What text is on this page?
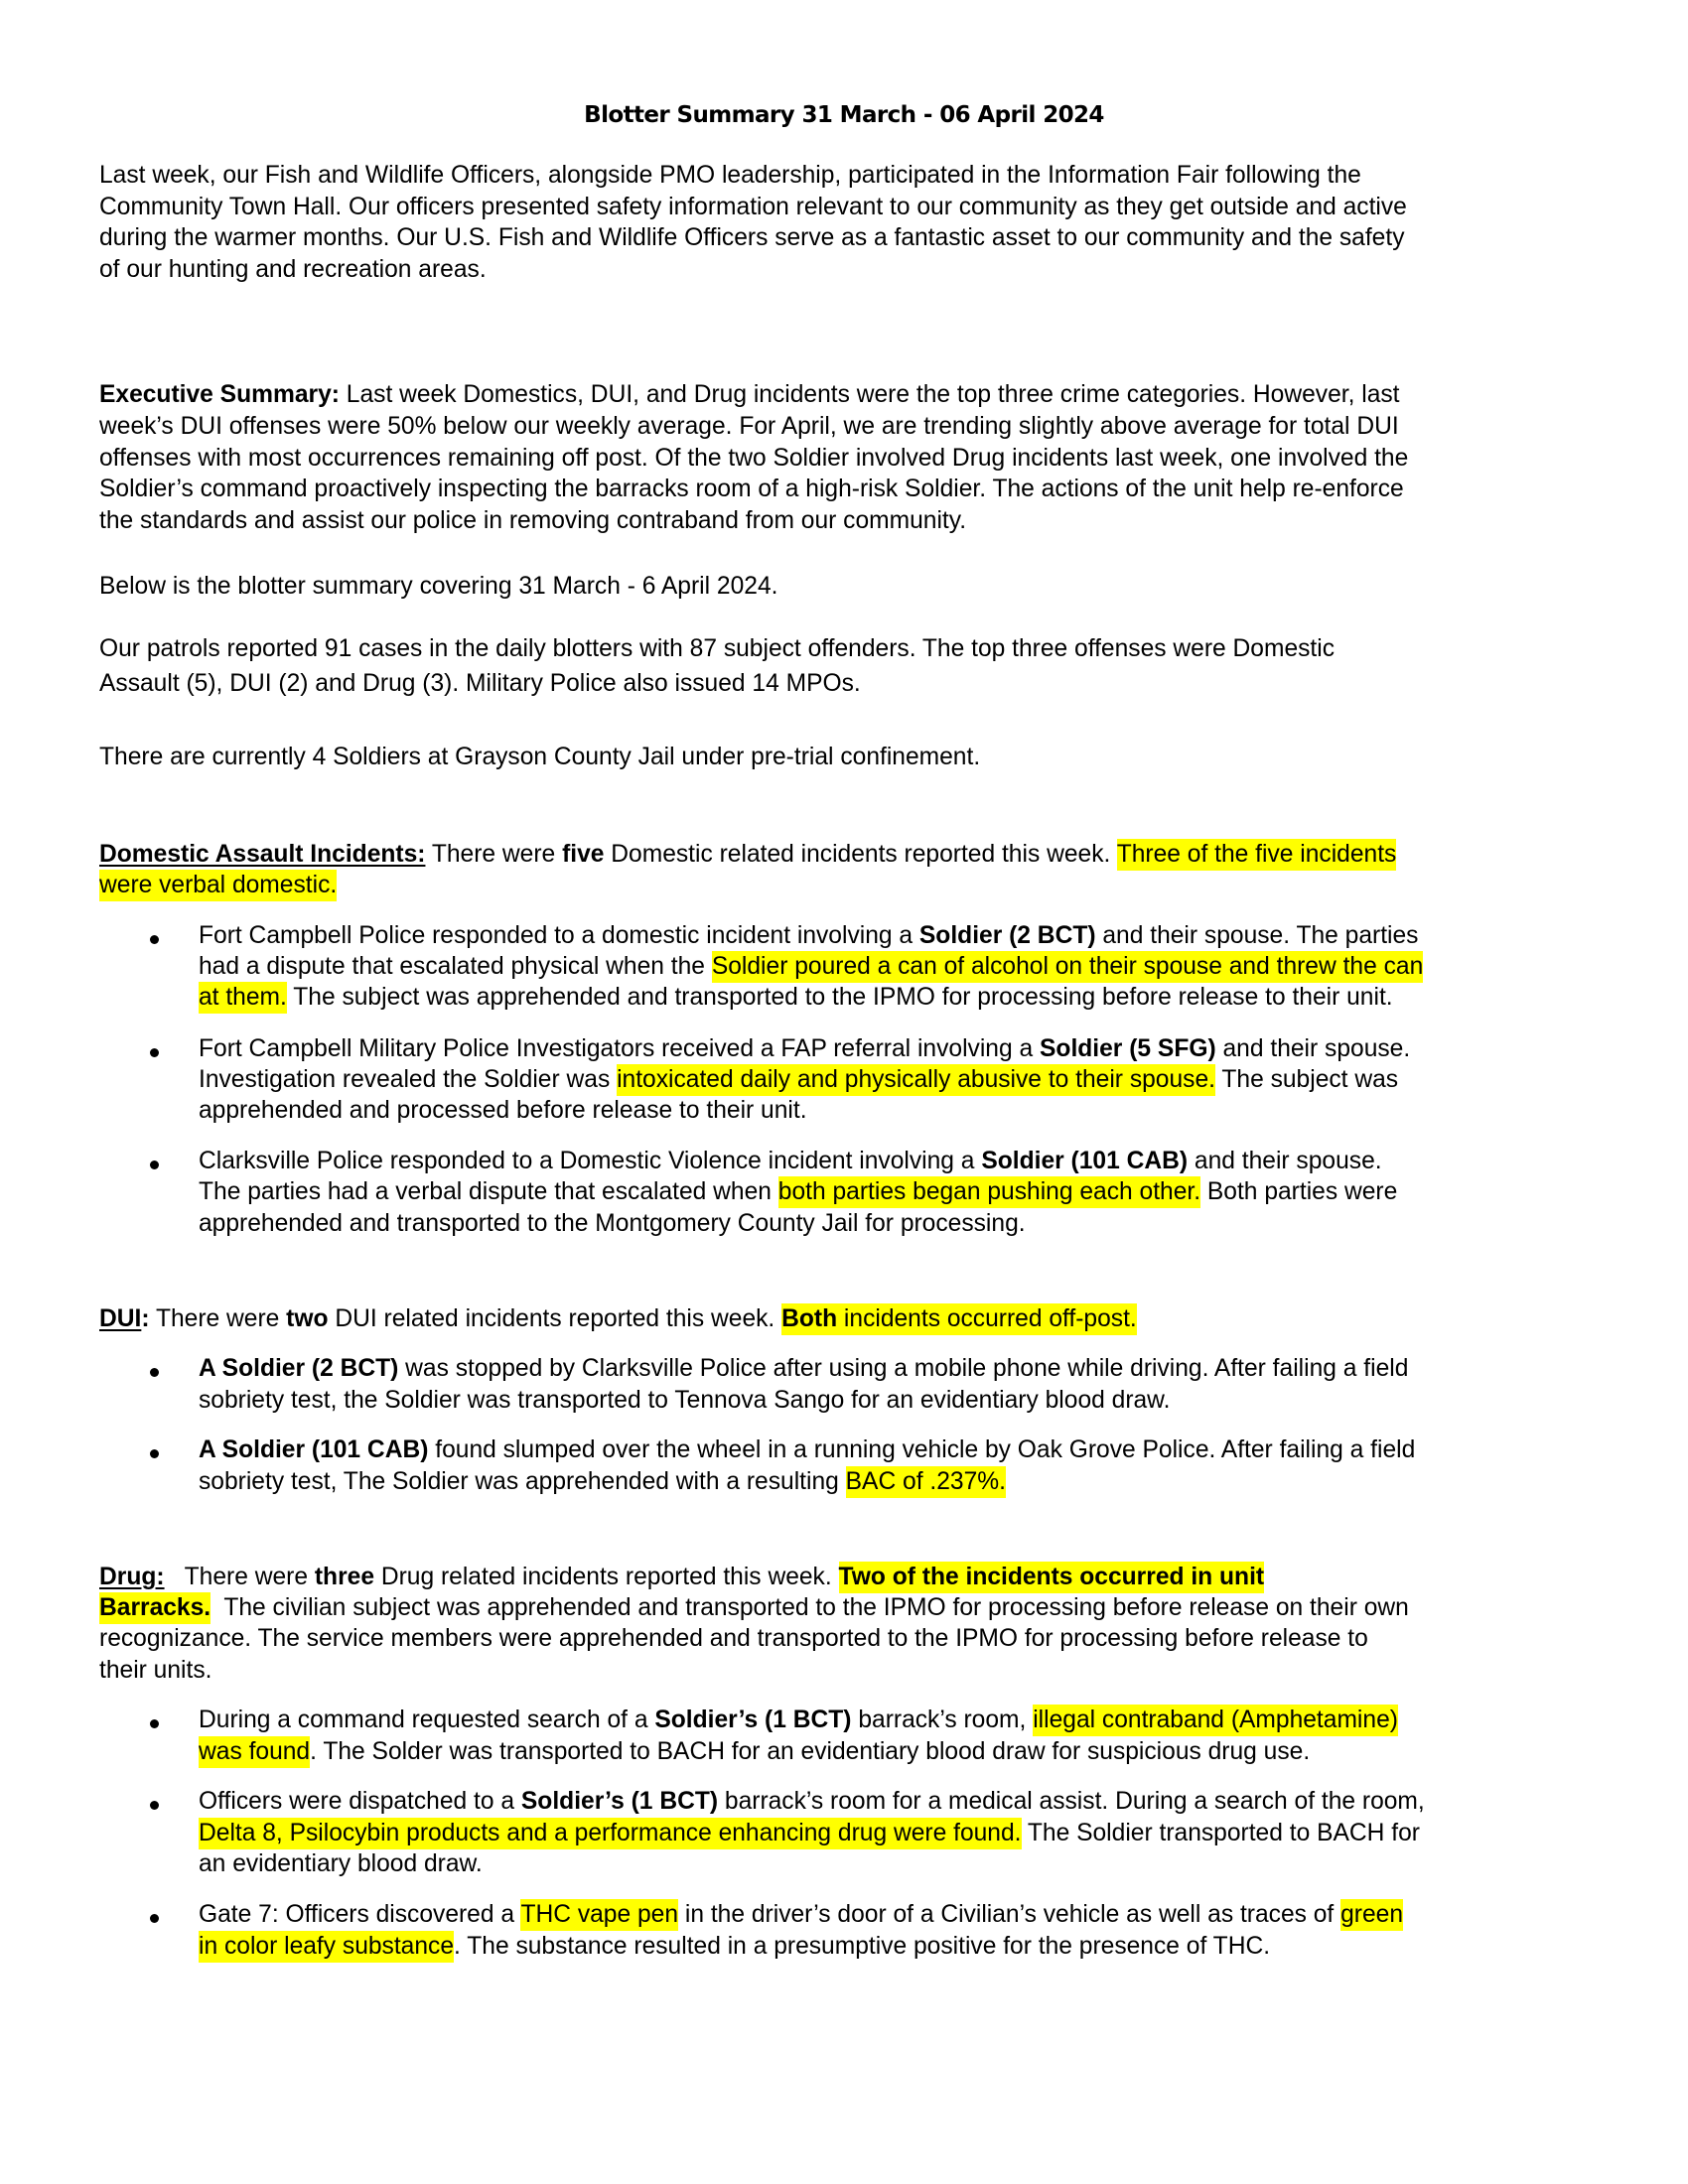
Blotter Summary 31 March - 06 April 2024
Last week, our Fish and Wildlife Officers, alongside PMO leadership, participated in the Information Fair following the
Community Town Hall. Our officers presented safety information relevant to our community as they get outside and active
during the warmer months. Our U.S. Fish and Wildlife Officers serve as a fantastic asset to our community and the safety
of our hunting and recreation areas.
Executive Summary: Last week Domestics, DUI, and Drug incidents were the top three crime categories. However, last
week’s DUI offenses were 50% below our weekly average. For April, we are trending slightly above average for total DUI
offenses with most occurrences remaining off post. Of the two Soldier involved Drug incidents last week, one involved the
Soldier’s command proactively inspecting the barracks room of a high-risk Soldier. The actions of the unit help re-enforce
the standards and assist our police in removing contraband from our community.
Below is the blotter summary covering 31 March - 6 April 2024.
Our patrols reported 91 cases in the daily blotters with 87 subject offenders. The top three offenses were Domestic
Assault (5), DUI (2) and Drug (3). Military Police also issued 14 MPOs.
There are currently 4 Soldiers at Grayson County Jail under pre-trial confinement.
Domestic Assault Incidents: There were five Domestic related incidents reported this week. Three of the five incidents
were verbal domestic.
Fort Campbell Police responded to a domestic incident involving a Soldier (2 BCT) and their spouse. The parties
had a dispute that escalated physical when the Soldier poured a can of alcohol on their spouse and threw the can
at them. The subject was apprehended and transported to the IPMO for processing before release to their unit.
Fort Campbell Military Police Investigators received a FAP referral involving a Soldier (5 SFG) and their spouse.
Investigation revealed the Soldier was intoxicated daily and physically abusive to their spouse. The subject was
apprehended and processed before release to their unit.
Clarksville Police responded to a Domestic Violence incident involving a Soldier (101 CAB) and their spouse.
The parties had a verbal dispute that escalated when both parties began pushing each other. Both parties were
apprehended and transported to the Montgomery County Jail for processing.
DUI: There were two DUI related incidents reported this week. Both incidents occurred off-post.
A Soldier (2 BCT) was stopped by Clarksville Police after using a mobile phone while driving. After failing a field
sobriety test, the Soldier was transported to Tennova Sango for an evidentiary blood draw.
A Soldier (101 CAB) found slumped over the wheel in a running vehicle by Oak Grove Police. After failing a field
sobriety test, The Soldier was apprehended with a resulting BAC of .237%.
Drug:   There were three Drug related incidents reported this week. Two of the incidents occurred in unit
Barracks.  The civilian subject was apprehended and transported to the IPMO for processing before release on their own
recognizance. The service members were apprehended and transported to the IPMO for processing before release to
their units.
During a command requested search of a Soldier’s (1 BCT) barrack’s room, illegal contraband (Amphetamine)
was found. The Solder was transported to BACH for an evidentiary blood draw for suspicious drug use.
Officers were dispatched to a Soldier’s (1 BCT) barrack’s room for a medical assist. During a search of the room,
Delta 8, Psilocybin products and a performance enhancing drug were found. The Soldier transported to BACH for
an evidentiary blood draw.
Gate 7: Officers discovered a THC vape pen in the driver’s door of a Civilian’s vehicle as well as traces of green
in color leafy substance. The substance resulted in a presumptive positive for the presence of THC.
